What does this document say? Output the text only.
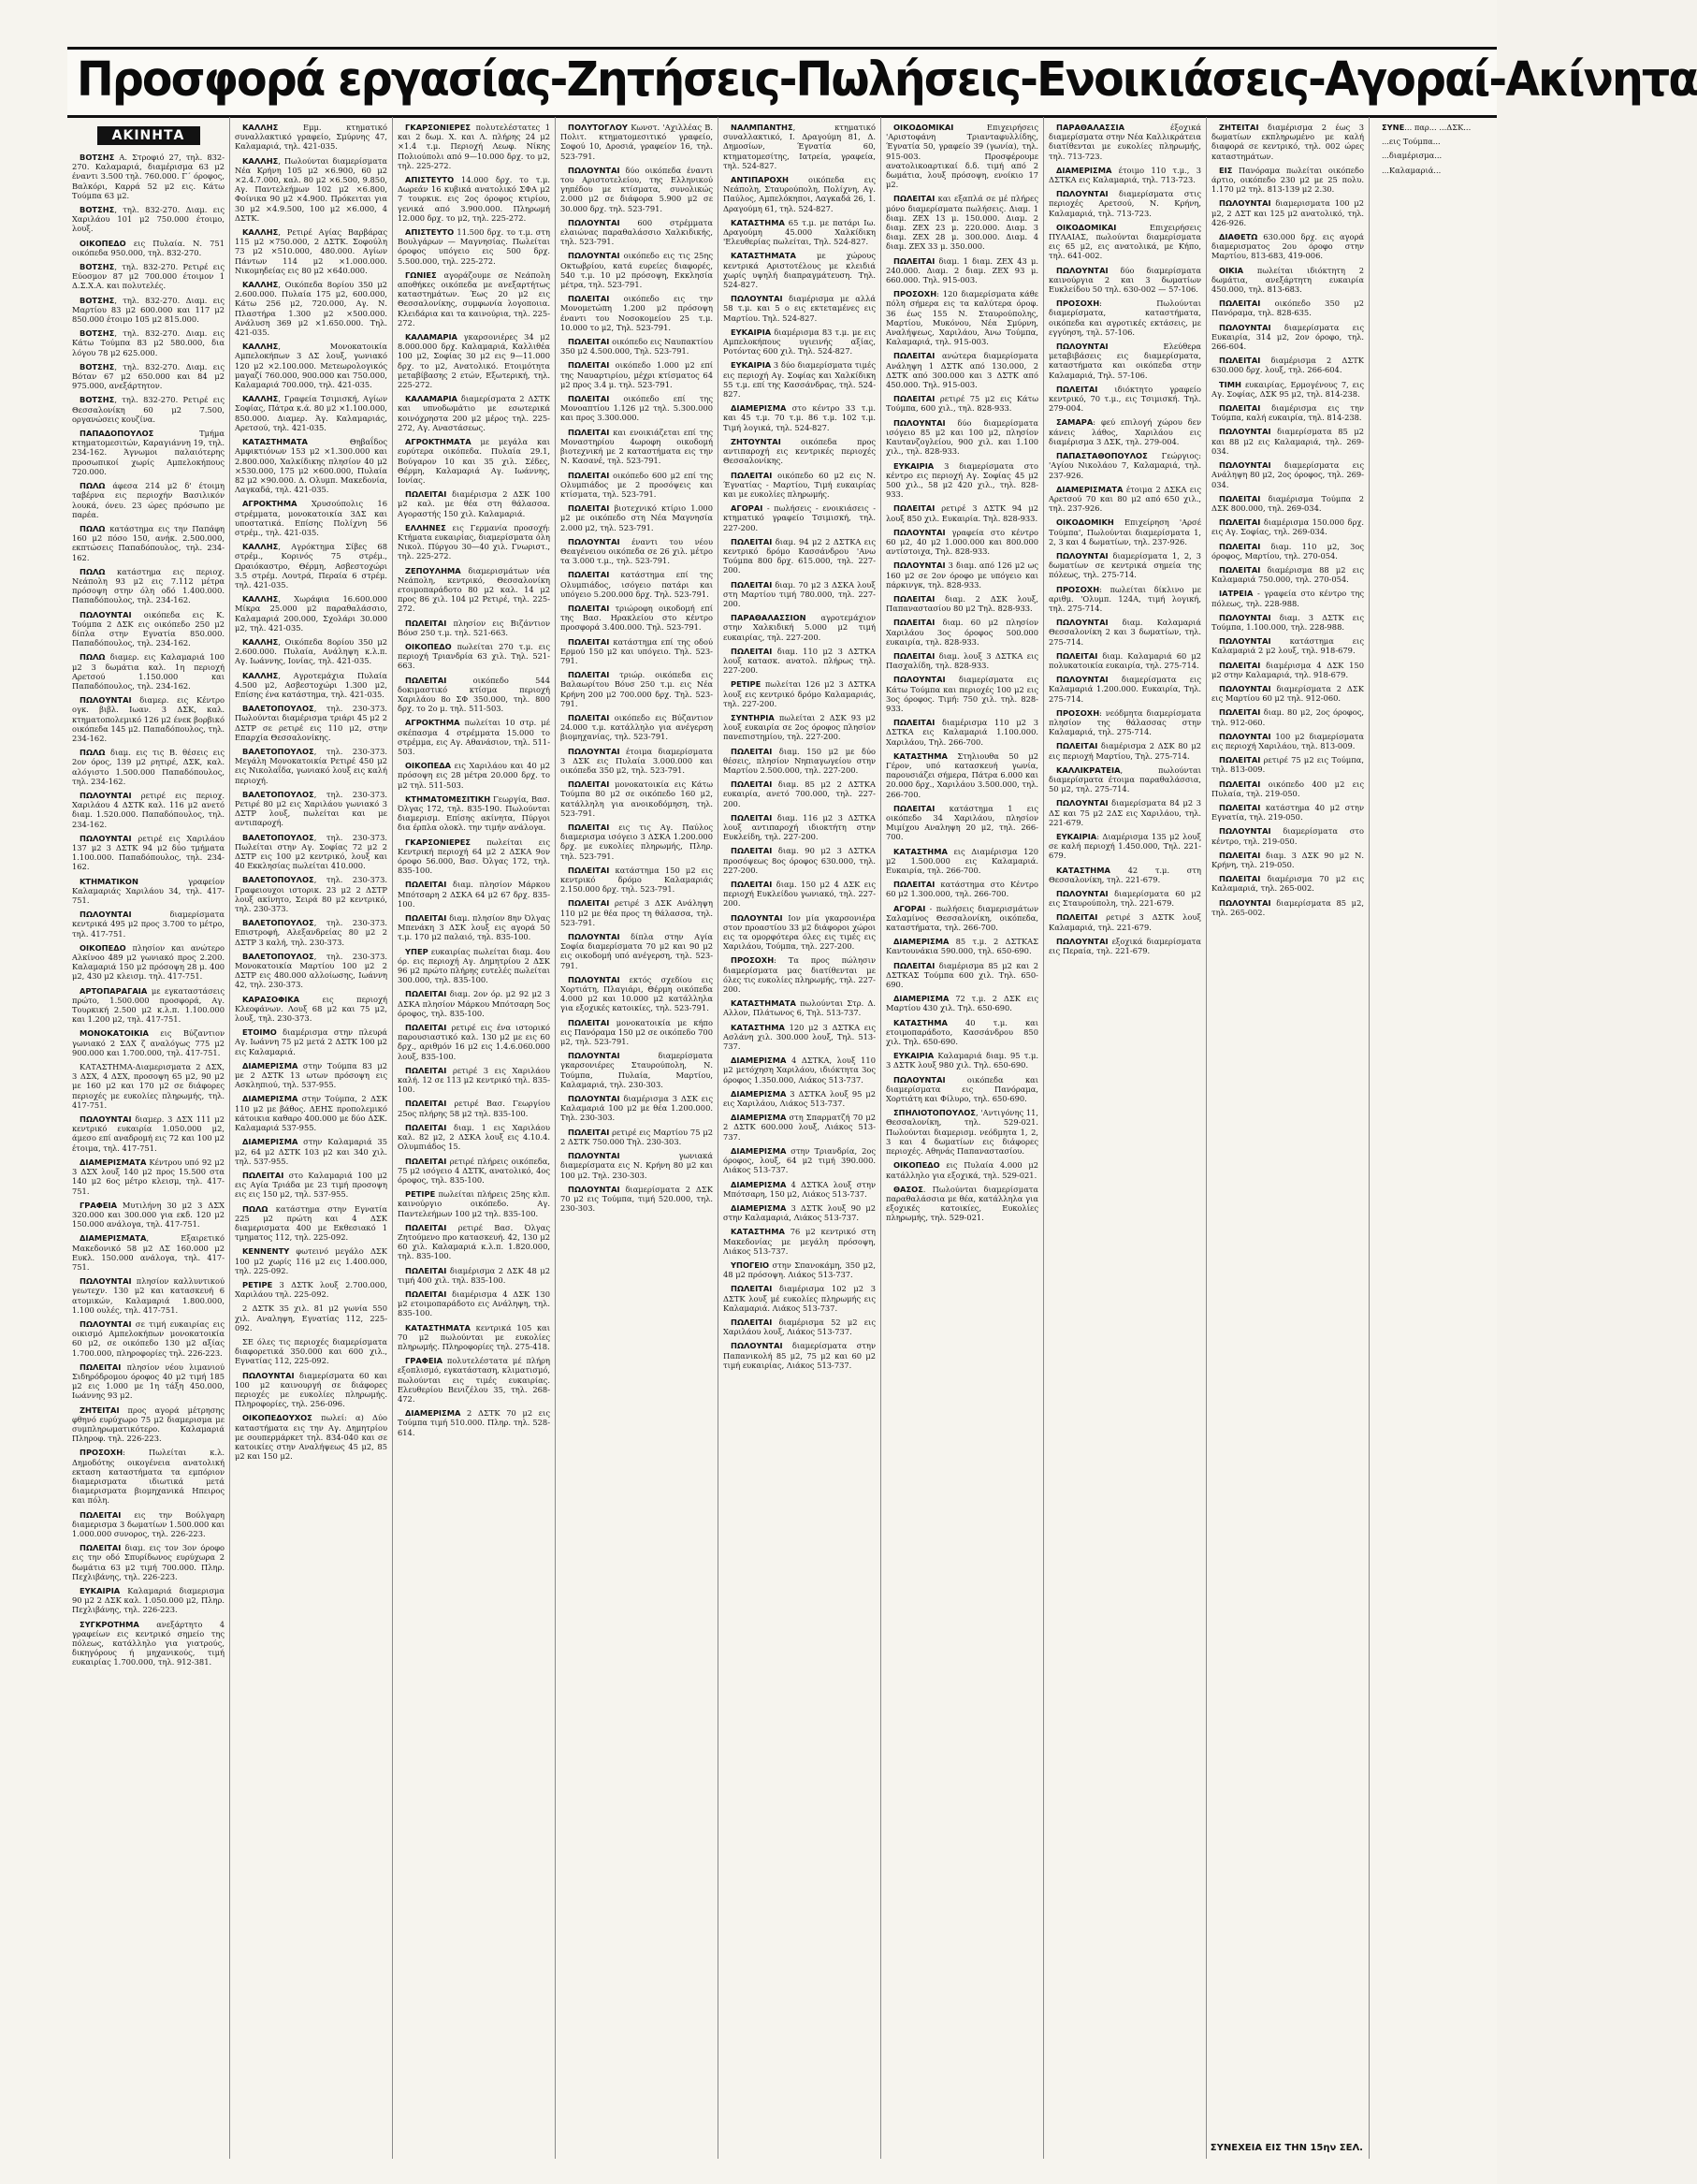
Προσφορά εργασίας-Ζητήσεις-Πωλήσεις-Ενοικιάσεις-Αγοραί-Ακίνητα
ΑΚΙΝΗΤΑ

ΒΟΤΣΗΣ Α. Στροφιό 27, τηλ. 832-270. Καλαμαριά, διαμέρισμα 63 μ2 έναντι 3.500 τηλ. 760.000. Γ΄ όροφος, Βαλκόρι, Καρρά 52 μ2 εις. Κάτω Τούμπα 63 μ2.

ΒΟΤΣΗΣ, τηλ. 832-270. Διαμ. εις Χαριλάου 101 μ2 750.000 έτοιμο, λουξ.

ΟΙΚΟΠΕΔΟ εις Πυλαία. Ν. 751 οικόπεδα 950.000, τηλ. 832-270.

ΒΟΤΣΗΣ, τηλ. 832-270. Ρετιρέ εις Εύοσμον 87 μ2 700.000 έτοιμον 1 Δ.Σ.Χ.Α. και πολυτελές.

ΒΟΤΣΗΣ, τηλ. 832-270. Διαμ. εις Μαρτίου 83 μ2 600.000 και 117 μ2 850.000 έτοιμο 105 μ2 815.000.

ΒΟΤΣΗΣ, τηλ. 832-270. Διαμ. εις Κάτω Τούμπα 83 μ2 580.000, δια λόγου 78 μ2 625.000.

ΒΟΤΣΗΣ, τηλ. 832-270. Διαμ. εις Βόταν 67 μ2 650.000 και 84 μ2 975.000, ανεξάρτητον.

ΒΟΤΣΗΣ, τηλ. 832-270. Ρετιρέ εις Θεσσαλονίκη 60 μ2 7.500, οργανώσεις κουζίνα.

ΠΑΠΑΔΟΠΟΥΛΟΣ Τμήμα κτηματομεσιτών, Καραγιάννη 19, τηλ. 234-162. Άγνωμοι παλαιότερης προσωπικοί χωρίς Αμπελοκήπους 720.000.

ΠΩΛΩ άφεσα 214 μ2 δ' έτοιμη ταβέρνα εις περιοχήν Βασιλικόν λουκά, όνευ. 23 ώρες πρόσωπο με παρέα.

ΠΩΛΩ κατάστημα εις την Παπάφη 160 μ2 πόσο 150, ανήκ. 2.500.000, εκπτώσεις Παπαδόπουλος, τηλ. 234-162.

ΠΩΛΩ κατάστημα εις περιοχ. Νεάπολη 93 μ2 εις 7.112 μέτρα πρόσοψη στην όλη οδό 1.400.000. Παπαδόπουλος, τηλ. 234-162.

ΠΩΛΟΥΝΤΑΙ οικόπεδα εις Κ. Τούμπα 2 ΔΣΚ εις οικόπεδο 250 μ2 δίπλα στην Εγνατία 850.000. Παπαδόπουλος, τηλ. 234-162.

ΠΩΛΩ διαμερ. εις Καλαμαριά 100 μ2 3 δωμάτια καλ. 1η περιοχή Αρετσού 1.150.000 και Παπαδόπουλος, τηλ. 234-162.

ΠΩΛΟΥΝΤΑΙ διαμερ. εις Κέντρο ογκ. βιβλ. Ιωαν. 3 ΔΣΚ, καλ. κτηματοπολεμικό 126 μ2 ένεκ βορβικό οικόπεδα 145 μ2. Παπαδόπουλος, τηλ. 234-162.

ΠΩΛΩ διαμ. εις τις Β. θέσεις εις 2ον όρος, 139 μ2 ρητιρέ, ΔΣΚ, καλ. αλόγιστο 1.500.000 Παπαδόπουλος, τηλ. 234-162.

ΠΩΛΟΥΝΤΑΙ ρετιρέ εις περιοχ. Χαριλάου 4 ΔΣΤΚ καλ. 116 μ2 ανετό διαμ. 1.520.000. Παπαδόπουλος, τηλ. 234-162.

ΠΩΛΟΥΝΤΑΙ ρετιρέ εις Χαριλάου 137 μ2 3 ΔΣΤΚ 94 μ2 δύο τμήματα 1.100.000. Παπαδόπουλος, τηλ. 234-162.

ΚΤΗΜΑΤΙΚΟΝ γραφείον Καλαμαριάς Χαριλάου 34, τηλ. 417-751.

ΠΩΛΟΥΝΤΑΙ διαμερίσματα κεντρικά 495 μ2 προς 3.700 το μέτρο, τηλ. 417-751.

ΟΙΚΟΠΕΔΟ πλησίον και ανώτερο Αλκίνοο 489 μ2 γωνιακό προς 2.200. Καλαμαριά 150 μ2 πρόσοψη 28 μ. 400 μ2, 430 μ2 κλεισμ. τηλ. 417-751.

ΑΡΤΟΠΑΡΑΓΑΙΑ με εγκαταστάσεις πρώτο, 1.500.000 προσφορά, Αγ. Τουρκική 2.500 μ2 κ.λ.π. 1.100.000 και 1.200 μ2, τηλ. 417-751.

ΜΟΝΟΚΑΤΟΙΚΙΑ εις Βύζαντιον γωνιακό 2 ΣΔΧ ζ αναλόγως 775 μ2 900.000 και 1.700.000, τηλ. 417-751.

ΚΑΤΑΣΤΗΜΑ-Διαμερισματα 2 ΔΣΧ, 3 ΔΣΧ, 4 ΔΣΧ, προσοψη 65 μ2, 90 μ2 με 160 μ2 και 170 μ2 σε διάφορες περιοχές με ευκολίες πληρωμής, τηλ. 417-751.

ΠΩΛΟΥΝΤΑΙ διαμερ. 3 ΔΣΧ 111 μ2 κεντρικό ευκαιρία 1.050.000 μ2, άμεσο επί αναδρομή εις 72 και 100 μ2 έτοιμα, τηλ. 417-751.

ΔΙΑΜΕΡΙΣΜΑΤΑ Κέντρου υπό 92 μ2 3 ΔΣΧ λουξ 140 μ2 προς 15.500 στα 140 μ2 6ος μέτρο κλεισμ, τηλ. 417-751.

ΓΡΑΦΕΙΑ Μυτιλήνη 30 μ2 3 ΔΣΧ 320.000 και 300.000 για εκδ. 120 μ2 150.000 ανάλογα, τηλ. 417-751.

ΔΙΑΜΕΡΙΣΜΑΤΑ, Εξαιρετικό Μακεδονικό 58 μ2 ΔΣ 160.000 μ2 Ευκλ. 150.000 ανάλογα, τηλ. 417-751.

ΠΩΛΟΥΝΤΑΙ πλησίον καλλυντικού γεωτεχν. 130 μ2 και κατασκευή 6 ατομικών, Καλαμαριά 1.800.000, 1.100 ουλές, τηλ. 417-751.

ΠΩΛΟΥΝΤΑΙ σε τιμή ευκαιρίας εις οικισμό Αμπελοκήπων μονοκατοικία 60 μ2, σε οικόπεδο 130 μ2 αξίας 1.700.000, πληροφορίες τηλ. 226-223.

ΠΩΛΕΙΤΑΙ πλησίον νέου λιμανιού Σιδηρόδρομου όροφος 40 μ2 τιμή 185 μ2 εις 1.000 με 1η τάξη 450.000, Ιωάννης 93 μ2.

ΖΗΤΕΙΤΑΙ προς αγορά μέτρησης φθηνό ευρύχωρο 75 μ2 διαμερισμα με συμπληρωματικότερο. Καλαμαριά Πληροφ. τηλ. 226-223.

ΠΡΟΣΟΧΗ: Πωλείται κ.λ. Δημοδότης οικογένεια ανατολική εκταση καταστήματα τα εμπόριον διαμερισματα ιδιωτικά μετά διαμερισματα βιομηχανικά Ηπειρος και πόλη.

ΠΩΛΕΙΤΑΙ εις την Βούλγαρη διαμερισμα 3 δωματίων 1.500.000 και 1.000.000 συνορος, τηλ. 226-223.

ΠΩΛΕΙΤΑΙ διαμ. εις τον 3ον όροφο εις την οδό Σπυρίδωνος ευρύχωρα 2 δωμάτια 63 μ2 τιμή 700.000. Πληρ. Πεχλιβάνης, τηλ. 226-223.

ΕΥΚΑΙΡΙΑ Καλαμαριά διαμερισμα 90 μ2 2 ΔΣΚ καλ. 1.050.000 μ2, Πληρ. Πεχλιβάνης, τηλ. 226-223.

ΣΥΓΚΡΟΤΗΜΑ ανεξάρτητο 4 γραφείων εις κεντρικό σημείο της πόλεως, κατάλληλο για γιατρούς, δικηγόρους ή μηχανικούς, τιμή ευκαιρίας 1.700.000, τηλ. 912-381.

ΚΑΛΛΗΣ Εμμ. κτηματικό συναλλακτικό γραφείο, Σμύρνης 47, Καλαμαριά, τηλ. 421-035.

ΚΑΛΛΗΣ, Πωλούνται διαμερίσματα Νέα Κρήνη 105 μ2 ×6.900, 60 μ2 ×2.4.7.000, καλ. 80 μ2 ×6.500, 9.850, Αγ. Παντελεήμων 102 μ2 ×6.800, Φοίνικα 90 μ2 ×4.900. Πρόκειται για 30 μ2 ×4.9.500, 100 μ2 ×6.000, 4 ΔΣΤΚ.

ΚΑΛΛΗΣ, Ρετιρέ Αγίας Βαρβάρας 115 μ2 ×750.000, 2 ΔΣΤΚ. Σοφούλη 73 μ2 ×510.000, 480.000. Αγίων Πάντων 114 μ2 ×1.000.000. Νικομηδείας εις 80 μ2 ×640.000.

ΚΑΛΛΗΣ, Οικόπεδα 8ορίου 350 μ2 2.600.000. Πυλαία 175 μ2, 600.000, Κάτω 256 μ2, 720.000, Αγ. Ν. Πλαστήρα 1.300 μ2 ×500.000. Ανάλυση 369 μ2 ×1.650.000. Τηλ. 421-035.

ΚΑΛΛΗΣ, Μονοκατοικία Αμπελοκήπων 3 ΔΣ λουξ, γωνιακό 120 μ2 ×2.100.000. Μετεωρολογικός μαγαζί 760.000, 900.000 και 750.000, Καλαμαριά 700.000, τηλ. 421-035.

ΚΑΛΛΗΣ, Γραφεία Τσιμισκή, Αγίων Σοφίας, Πάτρα κ.ά. 80 μ2 ×1.100.000, 850.000. Διαμερ. Άγ. Καλαμαριάς, Αρετσού, τηλ. 421-035.

ΚΑΤΑΣΤΗΜΑΤΑ Θηβαΐδος Αμφικτιόνων 153 μ2 ×1.300.000 και 2.800.000, Χαλκίδικης πλησίον 40 μ2 ×530.000, 175 μ2 ×600.000, Πυλαία 82 μ2 ×90.000. Δ. Ολυμπ. Μακεδονία, Λαγκαδά, τηλ. 421-035.

ΑΓΡΟΚΤΗΜΑ Χρυσούπολις 16 στρέμματα, μονοκατοικία 3ΔΣ και υποστατικά. Επίσης Πολίχνη 56 στρέμ., τηλ. 421-035.

ΚΑΛΛΗΣ, Αγρόκτημα Σίβες 68 στρέμ., Κορινός 75 στρέμ., Ωραιόκαστρο, Θέρμη, Ασβεστοχώρι 3.5 στρέμ. Λουτρά, Περαία 6 στρέμ. τηλ. 421-035.

ΚΑΛΛΗΣ, Χωράφια 16.600.000 Μίκρα 25.000 μ2 παραθαλάσσιο, Καλαμαριά 200.000, Σχολάρι 30.000 μ2, τηλ. 421-035.

ΚΑΛΛΗΣ, Οικόπεδα 8ορίου 350 μ2 2.600.000. Πυλαία, Ανάληψη κ.λ.π. Αγ. Ιωάννης, Ιονίας, τηλ. 421-035.

ΚΑΛΛΗΣ, Αγροτεμάχια Πυλαία 4.500 μ2, Ασβεστοχώρι 1.300 μ2, Επίσης ένα κατάστημα, τηλ. 421-035.

ΒΑΛΕΤΟΠΟΥΛΟΣ, τηλ. 230-373. Πωλούνται διαμέρισμα τριάρι 45 μ2 2 ΔΣΤΡ σε ρετιρέ εις 110 μ2, στην Επαρχία Θεσσαλονίκης.

ΒΑΛΕΤΟΠΟΥΛΟΣ, τηλ. 230-373. Μεγάλη Μονοκατοικία Ρετιρέ 450 μ2 εις Νικολαΐδα, γωνιακό λουξ εις καλή περιοχή.

ΒΑΛΕΤΟΠΟΥΛΟΣ, τηλ. 230-373. Ρετιρέ 80 μ2 εις Χαριλάου γωνιακό 3 ΔΣΤΡ λουξ, πωλείται και με αντιπαροχή.

ΒΑΛΕΤΟΠΟΥΛΟΣ, τηλ. 230-373. Πωλείται στην Αγ. Σοφίας 72 μ2 2 ΔΣΤΡ εις 100 μ2 κεντρικό, λουξ και 40 Εκκλησίας πωλείται 410.000.

ΒΑΛΕΤΟΠΟΥΛΟΣ, τηλ. 230-373. Γραφειουχοι ιστορικ. 23 μ2 2 ΔΣΤΡ λουξ ακίνητο, Σειρά 80 μ2 κεντρικό, τηλ. 230-373.

ΒΑΛΕΤΟΠΟΥΛΟΣ, τηλ. 230-373. Επιστροφή, Αλεξανδρείας 80 μ2 2 ΔΣΤΡ 3 καλή, τηλ. 230-373.

ΒΑΛΕΤΟΠΟΥΛΟΣ, τηλ. 230-373. Μονοκατοικία Μαρτίου 100 μ2 2 ΔΣΤΡ εις 480.000 αλλοίωσης, Ιωάννη 42, τηλ. 230-373.

ΚΑΡΑΣΟΦΙΚΑ εις περιοχή Κλεοφάνων. Λουξ 68 μ2 και 75 μ2, λουξ, τηλ. 230-373.

ΕΤΟΙΜΟ διαμέρισμα στην πλευρά Αγ. Ιωάννη 75 μ2 μετά 2 ΔΣΤΚ 100 μ2 εις Καλαμαριά.

ΔΙΑΜΕΡΙΣΜΑ στην Τούμπα 83 μ2 με 2 ΔΣΤΚ 13 ωτων πρόσοψη εις Ασκληπιού, τηλ. 537-955.

ΔΙΑΜΕΡΙΣΜΑ στην Τούμπα, 2 ΔΣΚ 110 μ2 με βάθος. ΔΕΗΣ προπολεμικό κάτοικια καθαρο 400.000 με δύο ΔΣΚ. Καλαμαριά 537-955.

ΔΙΑΜΕΡΙΣΜΑ στην Καλαμαριά 35 μ2, 64 μ2 ΔΣΤΚ 103 μ2 και 340 χιλ. τηλ. 537-955.

ΠΩΛΕΙΤΑΙ στο Καλαμαριά 100 μ2 εις Αγία Τριάδα με 23 τιμή προσοψη εις εις 150 μ2, τηλ. 537-955.

ΠΩΛΩ κατάστημα στην Εγνατία 225 μ2 πρώτη και 4 ΔΣΚ διαμερισματα 400 με Εκθεσιακό 1 τμηματος 112, τηλ. 225-092.

ΚΕΝΝΕΝΤΥ φωτεινό μεγάλο ΔΣΚ 100 μ2 χωρίς 116 μ2 εις 1.400.000, τηλ. 225-092.

ΡΕΤΙΡΕ 3 ΔΣΤΚ λουξ 2.700.000, Χαριλάου τηλ. 225-092.

2 ΔΣΤΚ 35 χιλ. 81 μ2 γωνία 550 χιλ. Αναληψη, Εγνατίας 112, 225-092.

ΣΕ όλες τις περιοχές διαμερίσματα διαφορετικά 350.000 και 600 χιλ., Εγνατίας 112, 225-092.

ΠΩΛΟΥΝΤΑΙ διαμερίσματα 60 και 100 μ2 καινουργή σε διάφορες περιοχές με ευκολίες πληρωμής. Πληροφορίες, τηλ. 256-096.

ΟΙΚΟΠΕΔΟΥΧΟΣ πωλεί: α) Δύο καταστήματα εις την Αγ. Δημητρίου με σουπερμάρκετ τηλ. 834-040 και σε κατοικίες στην Αναλήψεως 45 μ2, 85 μ2 και 150 μ2.

ΓΚΑΡΣΟΝΙΕΡΕΣ πολυτελέστατες 1 και 2 δωμ. Χ. και Λ. πλήρης 24 μ2 ×1.4 τ.μ. Περιοχή Λεωφ. Νίκης Πολιούπολι από 9—10.000 δρχ. το μ2, τηλ. 225-272.

ΑΠΙΣΤΕΥΤΟ 14.000 δρχ. το τ.μ. Δωρεάν 16 κυβικά ανατολικό ΣΦΑ μ2 7 τουρκικ. εις 2ος όροφος κτιρίου, γενικά από 3.900.000. Πληρωμή 12.000 δρχ. το μ2, τηλ. 225-272.

ΑΠΙΣΤΕΥΤΟ 11.500 δρχ. το τ.μ. στη Βουλγάρων — Μαγνησίας. Πωλείται όροφος υπόγειο εις 500 δρχ. 5.500.000, τηλ. 225-272.

ΓΩΝΙΕΣ αγοράζουμε σε Νεάπολη αποθήκες οικόπεδα με ανεξαρτήτως καταστημάτων. Έως 20 μ2 εις Θεσσαλονίκης, συμφωνία λογοποιια. Κλειδάρια και τα καινούρια, τηλ. 225-272.

ΚΑΛΑΜΑΡΙΑ γκαρσονιέρες 34 μ2 8.000.000 δρχ. Καλαμαριά, Καλλιθέα 100 μ2, Σοφίας 30 μ2 εις 9—11.000 δρχ. το μ2, Ανατολικό. Ετοιμότητα μεταβίβασης 2 ετών, Εξωτερική, τηλ. 225-272.

ΚΑΛΑΜΑΡΙΑ διαμερίσματα 2 ΔΣΤΚ και υπνοδωμάτιο με εσωτερικά κοινόχρηστα 200 μ2 μέρος τηλ. 225-272, Αγ. Αναστάσεως.

ΑΓΡΟΚΤΗΜΑΤΑ με μεγάλα και ευρύτερα οικόπεδα. Πυλαία 29.1, Βούγαρον 10 και 35 χιλ. Σέδες, Θέρμη, Καλαμαριά Αγ. Ιωάννης, Ιονίας.

ΠΩΛΕΙΤΑΙ διαμέρισμα 2 ΔΣΚ 100 μ2 καλ. με θέα στη θάλασσα. Αγοραστής 150 χιλ. Καλαμαριά.

ΕΛΛΗΝΕΣ εις Γερμανία προσοχή: Κτήματα ευκαιρίας, διαμερίσματα όλη Νικολ. Πύργου 30—40 χιλ. Γνωριστ., τηλ. 225-272.

ΖΕΠΟΥΛΗΜΑ διαμερισμάτων νέα Νεάπολη, κεντρικό, Θεσσαλονίκη ετοιμοπαράδοτο 80 μ2 καλ. 14 μ2 προς 86 χιλ. 104 μ2 Ρετιρέ, τηλ. 225-272.

ΠΩΛΕΙΤΑΙ πλησίον εις Βιζάντιον Βόυσ 250 τ.μ. τηλ. 521-663.

ΟΙΚΟΠΕΔΟ πωλείται 270 τ.μ. εις περιοχή Τριανδρία 63 χιλ. Τηλ. 521-663.

ΠΩΛΕΙΤΑΙ οικόπεδο 544 δοκιμαστικό κτίσμα περιοχή Χαριλάου 8ο ΣΦ 350.000, τηλ. 800 δρχ. το 2ο μ. τηλ. 511-503.

ΑΓΡΟΚΤΗΜΑ πωλείται 10 στρ. μέ σκέπασμα 4 στρέμματα 15.000 το στρέμμα, εις Αγ. Αθανάσιον, τηλ. 511-503.

ΟΙΚΟΠΕΔΑ εις Χαριλάου και 40 μ2 πρόσοψη εις 28 μέτρα 20.000 δρχ. το μ2 τηλ. 511-503.

ΚΤΗΜΑΤΟΜΕΣΙΤΙΚΗ Γεωργία, Βασ. Όλγας 172, τηλ. 835-190. Πωλούνται διαμερισμ. Επίσης ακίνητα, Πύργοι δια έρπλα ολοκλ. την τιμήν ανάλογα.

ΓΚΑΡΣΟΝΙΕΡΕΣ πωλείται εις Κεντρική περιοχή 64 μ2 2 ΔΣΚΑ 9ον όροφο 56.000, Βασ. Όλγας 172, τηλ. 835-100.

ΠΩΛΕΙΤΑΙ διαμ. πλησίον Μάρκου Μπότσαρη 2 ΔΣΚΑ 64 μ2 67 δρχ. 835-100.

ΠΩΛΕΙΤΑΙ διαμ. πλησίον 8ην Όλγας Μπενάκη 3 ΔΣΚ λουξ εις αγορά 50 τ.μ. 170 μ2 παλαιό, τηλ. 835-100.

ΥΠΕΡ ευκαιρίας πωλείται διαμ. 4ου όρ. εις περιοχή Αγ. Δημητρίου 2 ΔΣΚ 96 μ2 πρώτο πλήρης ευτελές πωλείται 300.000, τηλ. 835-100.

ΠΩΛΕΙΤΑΙ διαμ. 2ον όρ. μ2 92 μ2 3 ΔΣΚΑ πλησίον Μάρκου Μπότσαρη 5ος όροφος, τηλ. 835-100.

ΠΩΛΕΙΤΑΙ ρετιρέ εις ένα ιστορικό παρουσιαστικό καλ. 130 μ2 με εις 60 δρχ., αριθμόν 16 μ2 εις 1.4.6.060.000 λουξ, 835-100.

ΠΩΛΕΙΤΑΙ ρετιρέ 3 εις Χαριλάου καλή. 12 σε 113 μ2 κεντρικό τηλ. 835-100.

ΠΩΛΕΙΤΑΙ ρετιρέ Βασ. Γεωργίου 25ος πλήρης 58 μ2 τηλ. 835-100.

ΠΩΛΕΙΤΑΙ διαμ. 1 εις Χαριλάου καλ. 82 μ2, 2 ΔΣΚΑ λουξ εις 4.10.4. Ολυμπιάδος 15.

ΠΩΛΕΙΤΑΙ ρετιρέ πλήρεις οικόπεδα, 75 μ2 ισόγειο 4 ΔΣΤΚ, ανατολικό, 4ος όροφος, τηλ. 835-100.

ΡΕΤΙΡΕ πωλείται πλήρεις 25ης κλπ. καινούργιο οικόπεδο. Αγ. Παντελεήμων 100 μ2 τηλ. 835-100.

ΠΩΛΕΙΤΑΙ ρετιρέ Βασ. Όλγας Ζητούμενο προ κατασκευή. 42, 130 μ2 60 χιλ. Καλαμαριά κ.λ.π. 1.820.000, τηλ. 835-100.

ΠΩΛΕΙΤΑΙ διαμέρισμα 2 ΔΣΚ 48 μ2 τιμή 400 χιλ. τηλ. 835-100.

ΠΩΛΕΙΤΑΙ διαμέρισμα 4 ΔΣΚ 130 μ2 ετοιμοπαράδοτο εις Ανάληψη, τηλ. 835-100.

ΚΑΤΑΣΤΗΜΑΤΑ κεντρικά 105 και 70 μ2 πωλούνται με ευκολίες πληρωμής. Πληροφορίες τηλ. 275-418.

ΓΡΑΦΕΙΑ πολυτελέστατα μέ πλήρη εξοπλισμό, εγκατάσταση, κλιματισμό, πωλούνται εις τιμές ευκαιρίας. Ελευθερίου Βενιζέλου 35, τηλ. 268-472.

ΔΙΑΜΕΡΙΣΜΑ 2 ΔΣΤΚ 70 μ2 εις Τούμπα τιμή 510.000. Πληρ. τηλ. 528-614.

ΠΟΛΥΤΟΓΛΟΥ Κωνστ. 'Αχιλλέας Β. Πολιτ. κτηματομεσιτικό γραφείο, Σοφού 10, Δροσιά, γραφείον 16, τηλ. 523-791.

ΠΩΛΟΥΝΤΑΙ δύο οικόπεδα έναντι του Αριστοτελείου, της Ελληνικού γηπέδου με κτίσματα, συνολικώς 2.000 μ2 σε διάφορα 5.900 μ2 σε 30.000 δρχ. τηλ. 523-791.

ΠΩΛΟΥΝΤΑΙ 600 στρέμματα ελαιώνας παραθαλάσσιο Χαλκιδικής, τηλ. 523-791.

ΠΩΛΟΥΝΤΑΙ οικόπεδο εις τις 25ης Οκτωβρίου, κατά ευρείες διαφορές, 540 τ.μ. 10 μ2 πρόσοψη, Εκκλησία μέτρα, τηλ. 523-791.

ΠΩΛΕΙΤΑΙ οικόπεδο εις την Μονομετώπη 1.200 μ2 πρόσοψη έναντι του Νοσοκομείου 25 τ.μ. 10.000 το μ2, Τηλ. 523-791.

ΠΩΛΕΙΤΑΙ οικόπεδο εις Ναυπακτίου 350 μ2 4.500.000, Τηλ. 523-791.

ΠΩΛΕΙΤΑΙ οικόπεδο 1.000 μ2 επί της Ναυαρτιρίου, μέχρι κτίσματος 64 μ2 προς 3.4 μ. τηλ. 523-791.

ΠΩΛΕΙΤΑΙ οικόπεδο επί της Μονοαπτίου 1.126 μ2 τηλ. 5.300.000 και προς 3.300.000.

ΠΩΛΕΙΤΑΙ και ενοικιάζεται επί της Μοναστηρίου 4ωροφη οικοδομή βιοτεχνική με 2 καταστήματα εις την Ν. Κασανέ, τηλ. 523-791.

ΠΩΛΕΙΤΑΙ οικόπεδο 600 μ2 επί της Ολυμπιάδος με 2 προσόψεις και κτίσματα, τηλ. 523-791.

ΠΩΛΕΙΤΑΙ βιοτεχνικό κτίριο 1.000 μ2 με οικόπεδο στη Νέα Μαγνησία 2.000 μ2, τηλ. 523-791.

ΠΩΛΟΥΝΤΑΙ έναντι του νέου Θεαγένειου οικόπεδα σε 26 χιλ. μέτρο τα 3.000 τ.μ., τηλ. 523-791.

ΠΩΛΕΙΤΑΙ κατάστημα επί της Ολυμπιάδος, ισόγειο πατάρι και υπόγειο 5.200.000 δρχ. Τηλ. 523-791.

ΠΩΛΕΙΤΑΙ τριώροφη οικοδομή επί της Βασ. Ηρακλείου στο κέντρο προσφορά 3.400.000. Τηλ. 523-791.

ΠΩΛΕΙΤΑΙ κατάστημα επί της οδού Ερμού 150 μ2 και υπόγειο. Τηλ. 523-791.

ΠΩΛΕΙΤΑΙ τριώρ. οικόπεδα εις Βαλαωρίτου Βόυσ 250 τ.μ. εις Νέα Κρήνη 200 μ2 700.000 δρχ. Τηλ. 523-791.

ΠΩΛΕΙΤΑΙ οικόπεδο εις Βύζαντιον 24.000 τ.μ. κατάλληλο για ανέγερση βιομηχανίας, τηλ. 523-791.

ΠΩΛΟΥΝΤΑΙ έτοιμα διαμερίσματα 3 ΔΣΚ εις Πυλαία 3.000.000 και οικόπεδα 350 μ2, τηλ. 523-791.

ΠΩΛΕΙΤΑΙ μονοκατοικία εις Κάτω Τούμπα 80 μ2 σε οικόπεδο 160 μ2, κατάλληλη για ανοικοδόμηση, τηλ. 523-791.

ΠΩΛΕΙΤΑΙ εις τις Αγ. Παύλος διαμερισμα ισόγειο 3 ΔΣΚΑ 1.200.000 δρχ. με ευκολίες πληρωμής, Πληρ. τηλ. 523-791.

ΠΩΛΕΙΤΑΙ κατάστημα 150 μ2 εις κεντρικό δρόμο Καλαμαριάς 2.150.000 δρχ. τηλ. 523-791.

ΠΩΛΕΙΤΑΙ ρετιρέ 3 ΔΣΚ Ανάληψη 110 μ2 με θέα προς τη θάλασσα, τηλ. 523-791.

ΠΩΛΟΥΝΤΑΙ δίπλα στην Αγία Σοφία διαμερίσματα 70 μ2 και 90 μ2 εις οικοδομή υπό ανέγερση, τηλ. 523-791.

ΠΩΛΟΥΝΤΑΙ εκτός σχεδίου εις Χορτιάτη, Πλαγιάρι, Θέρμη οικόπεδα 4.000 μ2 και 10.000 μ2 κατάλληλα για εξοχικές κατοικίες, τηλ. 523-791.

ΠΩΛΕΙΤΑΙ μονοκατοικία με κήπο εις Πανόραμα 150 μ2 σε οικόπεδο 700 μ2, τηλ. 523-791.

ΠΩΛΟΥΝΤΑΙ διαμερίσματα γκαρσονιέρες Σταυρούπολη, Ν. Τούμπα, Πυλαία, Μαρτίου, Καλαμαριά, τηλ. 230-303.

ΠΩΛΟΥΝΤΑΙ διαμέρισμα 3 ΔΣΚ εις Καλαμαριά 100 μ2 με θέα 1.200.000. Τηλ. 230-303.

ΠΩΛΕΙΤΑΙ ρετιρέ εις Μαρτίου 75 μ2 2 ΔΣΤΚ 750.000 Τηλ. 230-303.

ΠΩΛΟΥΝΤΑΙ γωνιακά διαμερίσματα εις Ν. Κρήνη 80 μ2 και 100 μ2. Τηλ. 230-303.

ΠΩΛΟΥΝΤΑΙ διαμερίσματα 2 ΔΣΚ 70 μ2 εις Τούμπα, τιμή 520.000, τηλ. 230-303.

ΝΑΛΜΠΑΝΤΗΣ, κτηματικό συναλλακτικό, Ι. Δραγούμη 81, Δ. Δημοσίων, Έγνατία 60, κτηματομεσίτης, Ιατρεία, γραφεία, τηλ. 524-827.

ΑΝΤΙΠΑΡΟΧΗ οικόπεδα εις Νεάπολη, Σταυρούπολη, Πολίχνη, Αγ. Παύλος, Αμπελόκηποι, Λαγκαδά 26, 1. Δραγούμη 61, τηλ. 524-827.

ΚΑΤΑΣΤΗΜΑ 65 τ.μ. με πατάρι Ιω. Δραγούμη 45.000 Χαλκίδικη 'Ελευθερίας πωλείται, Τηλ. 524-827.

ΚΑΤΑΣΤΗΜΑΤΑ με χώρους κεντρικά Αριστοτέλους με κλειδιά χωρίς υψηλή διαπραγμάτευση. Τηλ. 524-827.

ΠΩΛΟΥΝΤΑΙ διαμέρισμα με αλλά 58 τ.μ. και 5 ο εις εκτεταμένες εις Μαρτίου. Τηλ. 524-827.

ΕΥΚΑΙΡΙΑ διαμέρισμα 83 τ.μ. με εις Αμπελοκήπους υγιεινής αξίας, Ροτόντας 600 χιλ. Τηλ. 524-827.

ΕΥΚΑΙΡΙΑ 3 δύο διαμερίσματα τιμές εις περιοχή Αγ. Σοφίας και Χαλκίδικη 55 τ.μ. επί της Κασσάνδρας, τηλ. 524-827.

ΔΙΑΜΕΡΙΣΜΑ στο κέντρο 33 τ.μ. και 45 τ.μ. 70 τ.μ. 86 τ.μ. 102 τ.μ. Τιμή λογικά, τηλ. 524-827.

ΖΗΤΟΥΝΤΑΙ οικόπεδα προς αντιπαροχή εις κεντρικές περιοχές Θεσσαλονίκης.

ΠΩΛΕΙΤΑΙ οικόπεδο 60 μ2 εις Ν. Έγνατίας - Μαρτίου, Τιμή ευκαιρίας και με ευκολίες πληρωμής.

ΑΓΟΡΑΙ - πωλήσεις - ενοικιάσεις - κτηματικό γραφείο Τσιμισκή, τηλ. 227-200.

ΠΩΛΕΙΤΑΙ διαμ. 94 μ2 2 ΔΣΤΚΑ εις κεντρικό δρόμο Κασσάνδρου 'Ανω Τούμπα 800 δρχ. 615.000, τηλ. 227-200.

ΠΩΛΕΙΤΑΙ διαμ. 70 μ2 3 ΔΣΚΑ λουξ στη Μαρτίου τιμή 780.000, τηλ. 227-200.

ΠΑΡΑΘΑΛΑΣΣΙΟΝ αγροτεμάχιον στην Χαλκιδική 5.000 μ2 τιμή ευκαιρίας, τηλ. 227-200.

ΠΩΛΕΙΤΑΙ διαμ. 110 μ2 3 ΔΣΤΚΑ λουξ κατασκ. ανατολ. πλήρως τηλ. 227-200.

ΡΕΤΙΡΕ πωλείται 126 μ2 3 ΔΣΤΚΑ λουξ εις κεντρικό δρόμο Καλαμαριάς, τηλ. 227-200.

ΣΥΝΤΗΡΙΑ πωλείται 2 ΔΣΚ 93 μ2 λουξ ευκαιρία σε 2ος όροφος πλησίον πανεπιστημίου, τηλ. 227-200.

ΠΩΛΕΙΤΑΙ διαμ. 150 μ2 με δύο θέσεις, πλησίον Νηπιαγωγείου στην Μαρτίου 2.500.000, τηλ. 227-200.

ΠΩΛΕΙΤΑΙ διαμ. 85 μ2 2 ΔΣΤΚΑ ευκαιρία, ανετό 700.000, τηλ. 227-200.

ΠΩΛΕΙΤΑΙ διαμ. 116 μ2 3 ΔΣΤΚΑ λουξ αντιπαροχή ιδιοκτήτη στην Ευκλείδη, τηλ. 227-200.

ΠΩΛΕΙΤΑΙ διαμ. 90 μ2 3 ΔΣΤΚΑ προσόψεως 8ος όροφος 630.000, τηλ. 227-200.

ΠΩΛΕΙΤΑΙ διαμ. 150 μ2 4 ΔΣΚ εις περιοχή Ευκλείδου γωνιακό, τηλ. 227-200.

ΠΩΛΟΥΝΤΑΙ Ιον μία γκαρσονιέρα στον προαστίου 33 μ2 διάφοροι χώροι εις τα ομορφότερα όλες εις τιμές εις Χαριλάου, Τούμπα, τηλ. 227-200.

ΠΡΟΣΟΧΗ: Τα προς πώλησιν διαμερίσματα μας διατίθενται με όλες τις ευκολίες πληρωμής, τηλ. 227-200.

ΚΑΤΑΣΤΗΜΑΤΑ πωλούνται Στρ. Δ. Αλλον, Πλάτωνος 6, Τηλ. 513-737.

ΚΑΤΑΣΤΗΜΑ 120 μ2 3 ΔΣΤΚΑ εις Ασλάνη χιλ. 300.000 λουξ, Τηλ. 513-737.

ΔΙΑΜΕΡΙΣΜΑ 4 ΔΣΤΚΑ, λουξ 110 μ2 μετόχηση Χαριλάου, ιδιόκτητα 3ος όροφος 1.350.000, Λιάκος 513-737.

ΔΙΑΜΕΡΙΣΜΑ 3 ΔΣΤΚΑ λουξ 95 μ2 εις Χαριλάου, Λιάκος 513-737.

ΔΙΑΜΕΡΙΣΜΑ στη Σπαρματζή 70 μ2 2 ΔΣΤΚ 600.000 λουξ, Λιάκος 513-737.

ΔΙΑΜΕΡΙΣΜΑ στην Τριανδρία, 2ος όροφος, λουξ, 64 μ2 τιμή 390.000. Λιάκος 513-737.

ΔΙΑΜΕΡΙΣΜΑ 4 ΔΣΤΚΑ λουξ στην Μπότσαρη, 150 μ2, Λιάκος 513-737.

ΔΙΑΜΕΡΙΣΜΑ 3 ΔΣΤΚ λουξ 90 μ2 στην Καλαμαριά, Λιάκος 513-737.

ΚΑΤΑΣΤΗΜΑ 76 μ2 κεντρικό στη Μακεδονίας με μεγάλη πρόσοψη, Λιάκος 513-737.

ΥΠΟΓΕΙΟ στην Σπανοκάμη, 350 μ2, 48 μ2 πρόσοψη. Λιάκος 513-737.

ΠΩΛΕΙΤΑΙ διαμέρισμα 102 μ2 3 ΔΣΤΚ λουξ μέ ευκολίες πληρωμής εις Καλαμαριά. Λιάκος 513-737.

ΠΩΛΕΙΤΑΙ διαμέρισμα 52 μ2 εις Χαριλάου λουξ, Λιάκος 513-737.

ΠΩΛΟΥΝΤΑΙ διαμερίσματα στην Παπανικολή 85 μ2, 75 μ2 και 60 μ2 τιμή ευκαιρίας, Λιάκος 513-737.

ΟΙΚΟΔΟΜΙΚΑΙ Επιχειρήσεις 'Αριστοφάνη Τριανταφυλλίδης, Έγνατία 50, γραφείο 39 (γωνία), τηλ. 915-003. Προσφέρουμε ανατολικοαρτικαί δ.δ. τιμή από 2 δωμάτια, λουξ πρόσοψη, ενοίκιο 17 μ2.

ΠΩΛΕΙΤΑΙ και εξαπλά σε μέ πλήρες μόνο διαμερίσματα πωλήσεις. Διαμ. 1 διαμ. ΖΕΧ 13 μ. 150.000. Διαμ. 2 διαμ. ΖΕΧ 23 μ. 220.000. Διαμ. 3 διαμ. ΖΕΧ 28 μ. 300.000. Διαμ. 4 διαμ. ΖΕΧ 33 μ. 350.000.

ΠΩΛΕΙΤΑΙ διαμ. 1 διαμ. ΖΕΧ 43 μ. 240.000. Διαμ. 2 διαμ. ΖΕΧ 93 μ. 660.000. Τηλ. 915-003.

ΠΡΟΣΟΧΗ: 120 διαμερίσματα κάθε πόλη σήμερα εις τα καλύτερα όροφ. 36 έως 155 Ν. Σταυρούπολης, Μαρτίου, Μυκόνου, Νέα Σμύρνη, Αναλήψεως, Χαριλάου, Άνω Τούμπα, Καλαμαριά, τηλ. 915-003.

ΠΩΛΕΙΤΑΙ ανώτερα διαμερίσματα Ανάληψη 1 ΔΣΤΚ από 130.000, 2 ΔΣΤΚ από 300.000 και 3 ΔΣΤΚ από 450.000. Τηλ. 915-003.

ΠΩΛΕΙΤΑΙ ρετιρέ 75 μ2 εις Κάτω Τούμπα, 600 χιλ., τηλ. 828-933.

ΠΩΛΟΥΝΤΑΙ δύο διαμερίσματα ισόγειο 85 μ2 και 100 μ2, πλησίον Καυτανζογλείου, 900 χιλ. και 1.100 χιλ., τηλ. 828-933.

ΕΥΚΑΙΡΙΑ 3 διαμερίσματα στο κέντρο εις περιοχή Αγ. Σοφίας 45 μ2 500 χιλ., 58 μ2 420 χιλ., τηλ. 828-933.

ΠΩΛΕΙΤΑΙ ρετιρέ 3 ΔΣΤΚ 94 μ2 λουξ 850 χιλ. Ευκαιρία. Τηλ. 828-933.

ΠΩΛΟΥΝΤΑΙ γραφεία στο κέντρο 60 μ2, 40 μ2 1.000.000 και 800.000 αντίστοιχα, Τηλ. 828-933.

ΠΩΛΟΥΝΤΑΙ 3 διαμ. από 126 μ2 ως 160 μ2 σε 2ον όροφο με υπόγειο και πάρκινγκ, τηλ. 828-933.

ΠΩΛΕΙΤΑΙ διαμ. 2 ΔΣΚ λουξ, Παπαναστασίου 80 μ2 Τηλ. 828-933.

ΠΩΛΕΙΤΑΙ διαμ. 60 μ2 πλησίον Χαριλάου 3ος όροφος 500.000 ευκαιρία, τηλ. 828-933.

ΠΩΛΕΙΤΑΙ διαμ. λουξ 3 ΔΣΤΚΑ εις Πασχαλίδη, τηλ. 828-933.

ΠΩΛΟΥΝΤΑΙ διαμερίσματα εις Κάτω Τούμπα και περιοχές 100 μ2 εις 3ος όροφος. Τιμή: 750 χιλ. τηλ. 828-933.

ΠΩΛΕΙΤΑΙ διαμέρισμα 110 μ2 3 ΔΣΤΚΑ εις Καλαμαριά 1.100.000. Χαριλάου, Τηλ. 266-700.

ΚΑΤΑΣΤΗΜΑ Στηλιουθα 50 μ2 Γέρον, υπό κατασκευή γωνία, παρουσιάζει σήμερα, Πάτρα 6.000 και 20.000 δρχ., Χαριλάου 3.500.000, τηλ. 266-700.

ΠΩΛΕΙΤΑΙ κατάστημα 1 εις οικόπεδο 34 Χαριλάου, πλησίον Μιμίχου Αναληψη 20 μ2, τηλ. 266-700.

ΚΑΤΑΣΤΗΜΑ εις Διαμέρισμα 120 μ2 1.500.000 εις Καλαμαριά. Ευκαιρία, τηλ. 266-700.

ΠΩΛΕΙΤΑΙ κατάστημα στο Κέντρο 60 μ2 1.300.000, τηλ. 266-700.

ΑΓΟΡΑΙ - πωλήσεις διαμερισμάτων Σαλαμίνος Θεσσαλονίκη, οικόπεδα, καταστήματα, τηλ. 266-700.

ΔΙΑΜΕΡΙΣΜΑ 85 τ.μ. 2 ΔΣΤΚΑΣ Καντουνάκια 590.000, τηλ. 650-690.

ΠΩΛΕΙΤΑΙ διαμέρισμα 85 μ2 και 2 ΔΣΤΚΑΣ Τούμπα 600 χιλ. Τηλ. 650-690.

ΔΙΑΜΕΡΙΣΜΑ 72 τ.μ. 2 ΔΣΚ εις Μαρτίου 430 χιλ. Τηλ. 650-690.

ΚΑΤΑΣΤΗΜΑ 40 τ.μ. και ετοιμοπαράδοτο, Κασσάνδρου 850 χιλ. Τηλ. 650-690.

ΕΥΚΑΙΡΙΑ Καλαμαριά διαμ. 95 τ.μ. 3 ΔΣΤΚ λουξ 980 χιλ. Τηλ. 650-690.

ΠΩΛΟΥΝΤΑΙ οικόπεδα και διαμερίσματα εις Πανόραμα, Χορτιάτη και Φίλυρο, τηλ. 650-690.

ΣΠΗΛΙΟΤΟΠΟΥΛΟΣ, 'Αντιγόνης 11, Θεσσαλονίκη, τηλ. 529-021. Πωλούνται διαμερισμ. νεόδμητα 1, 2, 3 και 4 δωματίων εις διάφορες περιοχές. Αθηνάς Παπαναστασίου.

ΟΙΚΟΠΕΔΟ εις Πυλαία 4.000 μ2 κατάλληλο για εξοχικά, τηλ. 529-021.

ΘΑΣΟΣ. Πωλούνται διαμερίσματα παραθαλάσσια με θέα, κατάλληλα για εξοχικές κατοικίες, Ευκολίες πληρωμής, τηλ. 529-021.

ΠΑΡΑΘΑΛΑΣΣΙΑ έξοχικά διαμερίσματα στην Νέα Καλλικράτεια διατίθενται με ευκολίες πληρωμής, τηλ. 713-723.

ΔΙΑΜΕΡΙΣΜΑ έτοιμο 110 τ.μ., 3 ΔΣΤΚΑ εις Καλαμαριά, τηλ. 713-723.

ΠΩΛΟΥΝΤΑΙ διαμερίσματα στις περιοχές Αρετσού, Ν. Κρήνη, Καλαμαριά, τηλ. 713-723.

ΟΙΚΟΔΟΜΙΚΑΙ Επιχειρήσεις ΠΥΛΑΙΑΣ, πωλούνται διαμερίσματα εις 65 μ2, εις ανατολικά, με Κήπο, τηλ. 641-002.

ΠΩΛΟΥΝΤΑΙ δύο διαμερίσματα καινούργια 2 και 3 δωματίων Ευκλείδου 50 τηλ. 630-002 — 57-106.

ΠΡΟΣΟΧΗ: Πωλούνται διαμερίσματα, καταστήματα, οικόπεδα και αγροτικές εκτάσεις, με εγγύηση, τηλ. 57-106.

ΠΩΛΟΥΝΤΑΙ Ελεύθερα μεταβιβάσεις εις διαμερίσματα, καταστήματα και οικόπεδα στην Καλαμαριά, Τηλ. 57-106.

ΠΩΛΕΙΤΑΙ ιδιόκτητο γραφείο κεντρικό, 70 τ.μ., εις Τσιμισκή. Τηλ. 279-004.

ΣΑΜΑΡΑ: φεύ επιλογή χώρου δεν κάνεις λάθος, Χαριλάου εις διαμέρισμα 3 ΔΣΚ, τηλ. 279-004.

ΠΑΠΑΣΤΑΘΟΠΟΥΛΟΣ Γεώργιος: 'Αγίου Νικολάου 7, Καλαμαριά, τηλ. 237-926.

ΔΙΑΜΕΡΙΣΜΑΤΑ έτοιμα 2 ΔΣΚΑ εις Αρετσού 70 και 80 μ2 από 650 χιλ., τηλ. 237-926.

ΟΙΚΟΔΟΜΙΚΗ Επιχείρηση 'Αρσέ Τούμπα', Πωλούνται διαμερίσματα 1, 2, 3 και 4 δωματίων, τηλ. 237-926.

ΠΩΛΟΥΝΤΑΙ διαμερίσματα 1, 2, 3 δωματίων σε κεντρικά σημεία της πόλεως, τηλ. 275-714.

ΠΡΟΣΟΧΗ: πωλείται δίκλινο με αριθμ. 'Ολυμπ. 124Α, τιμή λογική, τηλ. 275-714.

ΠΩΛΟΥΝΤΑΙ διαμ. Καλαμαριά Θεσσαλονίκη 2 και 3 δωματίων, τηλ. 275-714.

ΠΩΛΕΙΤΑΙ διαμ. Καλαμαριά 60 μ2 πολυκατοικία ευκαιρία, τηλ. 275-714.

ΠΩΛΟΥΝΤΑΙ διαμερίσματα εις Καλαμαριά 1.200.000. Ευκαιρία, Τηλ. 275-714.

ΠΡΟΣΟΧΗ: νεόδμητα διαμερίσματα πλησίον της θάλασσας στην Καλαμαριά, τηλ. 275-714.

ΠΩΛΕΙΤΑΙ διαμέρισμα 2 ΔΣΚ 80 μ2 εις περιοχή Μαρτίου, Τηλ. 275-714.

ΚΑΛΛΙΚΡΑΤΕΙΑ, πωλούνται διαμερίσματα έτοιμα παραθαλάσσια, 50 μ2, τηλ. 275-714.

ΠΩΛΟΥΝΤΑΙ διαμερίσματα 84 μ2 3 ΔΣ και 75 μ2 2ΔΣ εις Χαριλάου, τηλ. 221-679.

ΕΥΚΑΙΡΙΑ: Διαμέρισμα 135 μ2 λουξ σε καλή περιοχή 1.450.000, Τηλ. 221-679.

ΚΑΤΑΣΤΗΜΑ 42 τ.μ. στη Θεσσαλονίκη, τηλ. 221-679.

ΠΩΛΟΥΝΤΑΙ διαμερίσματα 60 μ2 εις Σταυρούπολη, τηλ. 221-679.

ΠΩΛΕΙΤΑΙ ρετιρέ 3 ΔΣΤΚ λουξ Καλαμαριά, τηλ. 221-679.

ΠΩΛΟΥΝΤΑΙ εξοχικά διαμερίσματα εις Περαία, τηλ. 221-679.

ΖΗΤΕΙΤΑΙ διαμέρισμα 2 έως 3 δωματίων εκπληρωμένο με καλή διαφορά σε κεντρικό, τηλ. 002 ώρες καταστημάτων.

ΕΙΣ Πανόραμα πωλείται οικόπεδο άρτιο, οικόπεδο 230 μ2 με 25 πολυ. 1.170 μ2 τηλ. 813-139 μ2 2.30.

ΠΩΛΟΥΝΤΑΙ διαμερισματα 100 μ2 μ2, 2 ΔΣΤ και 125 μ2 ανατολικό, τηλ. 426-926.

ΔΙΑΘΕΤΩ 630.000 δρχ. εις αγορά διαμερισματος 2ου όροφο στην Μαρτίου, 813-683, 419-006.

ΟΙΚΙΑ πωλείται ιδιόκτητη 2 δωμάτια, ανεξάρτητη ευκαιρία 450.000, τηλ. 813-683.

ΠΩΛΕΙΤΑΙ οικόπεδο 350 μ2 Πανόραμα, τηλ. 828-635.

ΠΩΛΟΥΝΤΑΙ διαμερίσματα εις Ευκαιρία, 314 μ2, 2ον όροφο, τηλ. 266-604.

ΠΩΛΕΙΤΑΙ διαμέρισμα 2 ΔΣΤΚ 630.000 δρχ. λουξ, τηλ. 266-604.

ΤΙΜΗ ευκαιρίας, Ερμογένους 7, εις Αγ. Σοφίας, ΔΣΚ 95 μ2, τηλ. 814-238.

ΠΩΛΕΙΤΑΙ διαμέρισμα εις την Τούμπα, καλή ευκαιρία, τηλ. 814-238.

ΠΩΛΟΥΝΤΑΙ διαμερίσματα 85 μ2 και 88 μ2 εις Καλαμαριά, τηλ. 269-034.

ΠΩΛΟΥΝΤΑΙ διαμερίσματα εις Ανάληψη 80 μ2, 2ος όροφος, τηλ. 269-034.

ΠΩΛΕΙΤΑΙ διαμέρισμα Τούμπα 2 ΔΣΚ 800.000, τηλ. 269-034.

ΠΩΛΕΙΤΑΙ διαμέρισμα 150.000 δρχ. εις Αγ. Σοφίας, τηλ. 269-034.

ΠΩΛΕΙΤΑΙ διαμ. 110 μ2, 3ος όροφος, Μαρτίου, τηλ. 270-054.

ΠΩΛΕΙΤΑΙ διαμέρισμα 88 μ2 εις Καλαμαριά 750.000, τηλ. 270-054.

ΙΑΤΡΕΙΑ - γραφεία στο κέντρο της πόλεως, τηλ. 228-988.

ΠΩΛΟΥΝΤΑΙ διαμ. 3 ΔΣΤΚ εις Τούμπα, 1.100.000, τηλ. 228-988.

ΠΩΛΟΥΝΤΑΙ κατάστημα εις Καλαμαριά 2 μ2 λουξ, τηλ. 918-679.

ΠΩΛΕΙΤΑΙ διαμέρισμα 4 ΔΣΚ 150 μ2 στην Καλαμαριά, τηλ. 918-679.

ΠΩΛΟΥΝΤΑΙ διαμερίσματα 2 ΔΣΚ εις Μαρτίου 60 μ2 τηλ. 912-060.

ΠΩΛΕΙΤΑΙ διαμ. 80 μ2, 2ος όροφος, τηλ. 912-060.

ΠΩΛΟΥΝΤΑΙ 100 μ2 διαμερίσματα εις περιοχή Χαριλάου, τηλ. 813-009.

ΠΩΛΕΙΤΑΙ ρετιρέ 75 μ2 εις Τούμπα, τηλ. 813-009.

ΠΩΛΕΙΤΑΙ οικόπεδο 400 μ2 εις Πυλαία, τηλ. 219-050.

ΠΩΛΕΙΤΑΙ κατάστημα 40 μ2 στην Εγνατία, τηλ. 219-050.

ΠΩΛΟΥΝΤΑΙ διαμερίσματα στο κέντρο, τηλ. 219-050.

ΠΩΛΕΙΤΑΙ διαμ. 3 ΔΣΚ 90 μ2 Ν. Κρήνη, τηλ. 219-050.

ΠΩΛΕΙΤΑΙ διαμέρισμα 70 μ2 εις Καλαμαριά, τηλ. 265-002.

ΠΩΛΟΥΝΤΑΙ διαμερίσματα 85 μ2, τηλ. 265-002.

ΣΥΝΕΧΕΙΑ ΕΙΣ ΤΗΝ 15ην ΣΕΛ.

ΣΥΝΕ... παρ... ...ΔΣΚ...

...εις Τούμπα...

...διαμέρισμα...

...Καλαμαριά...
